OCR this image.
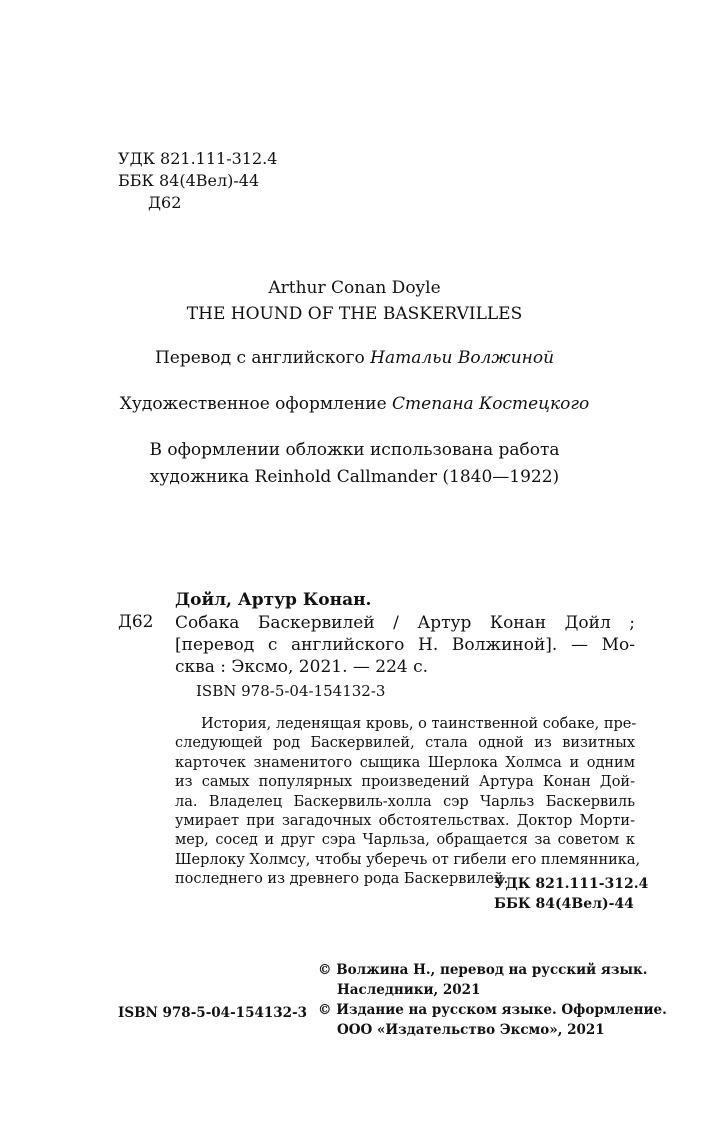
УДК 821.111-312.4
ББК 84(4Вел)-44
Д62
Arthur Conan Doyle
THE HOUND OF THE BASKERVILLES
Перевод с английского Натальи Волжиной
Художественное оформление Степана Костецкого
В оформлении обложки использована работа
художника Reinhold Callmander (1840—1922)
Дойл, Артур Конан.
Д62 Собака Баскервилей / Артур Конан Дойл ;
[перевод с английского Н. Волжиной]. — Мо-
сква : Эксмо, 2021. — 224 с.
ISBN 978-5-04-154132-3
История, леденящая кровь, о таинственной собаке, пре-
следующей род Баскервилей, стала одной из визитных
карточек знаменитого сыщика Шерлока Холмса и одним
из самых популярных произведений Артура Конан Дой-
ла. Владелец Баскервиль-холла сэр Чарльз Баскервиль
умирает при загадочных обстоятельствах. Доктор Морти-
мер, сосед и друг сэра Чарльза, обращается за советом к
Шерлоку Холмсу, чтобы уберечь от гибели его племянника,
последнего из древнего рода Баскервилей.
УДК 821.111-312.4
ББК 84(4Вел)-44
© Волжина Н., перевод на русский язык.
Наследники, 2021
© Издание на русском языке. Оформление.
ООО «Издательство Эксмо», 2021
ISBN 978-5-04-154132-3
